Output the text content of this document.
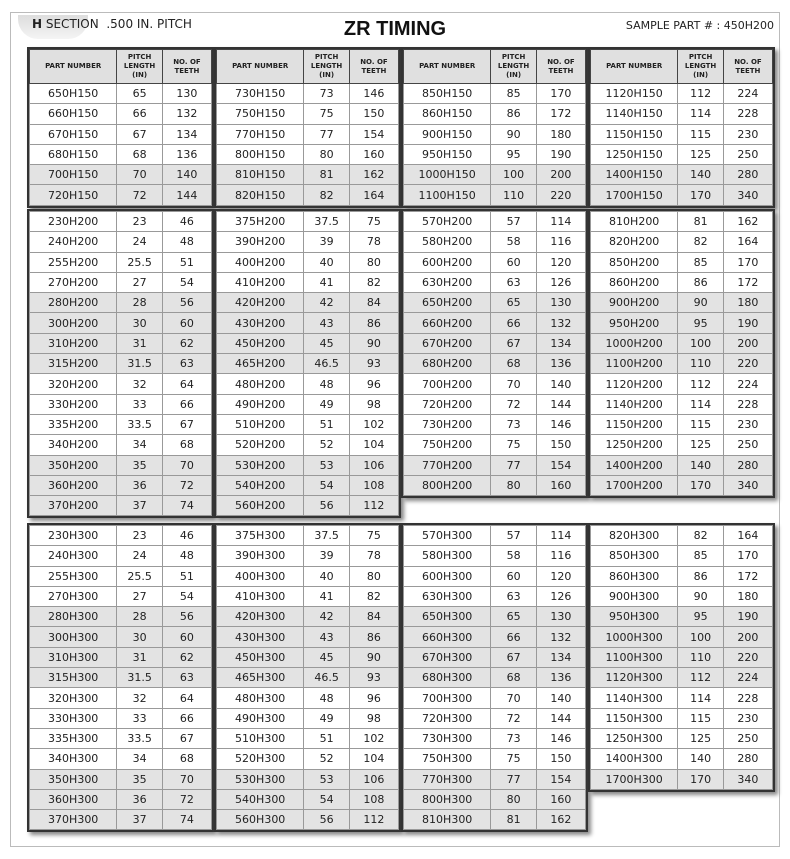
H SECTION  .500 IN. PITCH	ZR TIMING	SAMPLE PART # : 450H200
PART NUMBER	PITCH LENGTH (IN)	NO. OF TEETH
650H150	65	130
660H150	66	132
670H150	67	134
680H150	68	136
700H150	70	140
720H150	72	144
PART NUMBER	PITCH LENGTH (IN)	NO. OF TEETH
730H150	73	146
750H150	75	150
770H150	77	154
800H150	80	160
810H150	81	162
820H150	82	164
PART NUMBER	PITCH LENGTH (IN)	NO. OF TEETH
850H150	85	170
860H150	86	172
900H150	90	180
950H150	95	190
1000H150	100	200
1100H150	110	220
PART NUMBER	PITCH LENGTH (IN)	NO. OF TEETH
1120H150	112	224
1140H150	114	228
1150H150	115	230
1250H150	125	250
1400H150	140	280
1700H150	170	340
230H200	23	46
240H200	24	48
255H200	25.5	51
270H200	27	54
280H200	28	56
300H200	30	60
310H200	31	62
315H200	31.5	63
320H200	32	64
330H200	33	66
335H200	33.5	67
340H200	34	68
350H200	35	70
360H200	36	72
370H200	37	74
375H200	37.5	75
390H200	39	78
400H200	40	80
410H200	41	82
420H200	42	84
430H200	43	86
450H200	45	90
465H200	46.5	93
480H200	48	96
490H200	49	98
510H200	51	102
520H200	52	104
530H200	53	106
540H200	54	108
560H200	56	112
570H200	57	114
580H200	58	116
600H200	60	120
630H200	63	126
650H200	65	130
660H200	66	132
670H200	67	134
680H200	68	136
700H200	70	140
720H200	72	144
730H200	73	146
750H200	75	150
770H200	77	154
800H200	80	160
810H200	81	162
820H200	82	164
850H200	85	170
860H200	86	172
900H200	90	180
950H200	95	190
1000H200	100	200
1100H200	110	220
1120H200	112	224
1140H200	114	228
1150H200	115	230
1250H200	125	250
1400H200	140	280
1700H200	170	340
230H300	23	46
240H300	24	48
255H300	25.5	51
270H300	27	54
280H300	28	56
300H300	30	60
310H300	31	62
315H300	31.5	63
320H300	32	64
330H300	33	66
335H300	33.5	67
340H300	34	68
350H300	35	70
360H300	36	72
370H300	37	74
375H300	37.5	75
390H300	39	78
400H300	40	80
410H300	41	82
420H300	42	84
430H300	43	86
450H300	45	90
465H300	46.5	93
480H300	48	96
490H300	49	98
510H300	51	102
520H300	52	104
530H300	53	106
540H300	54	108
560H300	56	112
570H300	57	114
580H300	58	116
600H300	60	120
630H300	63	126
650H300	65	130
660H300	66	132
670H300	67	134
680H300	68	136
700H300	70	140
720H300	72	144
730H300	73	146
750H300	75	150
770H300	77	154
800H300	80	160
810H300	81	162
820H300	82	164
850H300	85	170
860H300	86	172
900H300	90	180
950H300	95	190
1000H300	100	200
1100H300	110	220
1120H300	112	224
1140H300	114	228
1150H300	115	230
1250H300	125	250
1400H300	140	280
1700H300	170	340
